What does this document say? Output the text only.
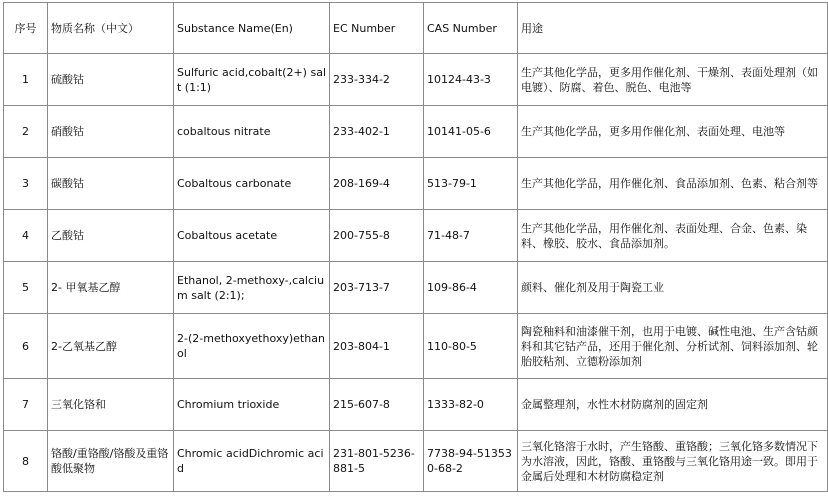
序号	物质名称（中文）	Substance Name(En)	EC Number	CAS Number	用途
1	硫酸钴	Sulfuric acid,cobalt(2+) salt (1:1)	233-334-2	10124-43-3	生产其他化学品，更多用作催化剂、干燥剂、表面处理剂（如电镀）、防腐、着色、脱色、电池等
2	硝酸钴	cobaltous nitrate	233-402-1	10141-05-6	生产其他化学品，更多用作催化剂、表面处理、电池等
3	碳酸钴	Cobaltous carbonate	208-169-4	513-79-1	生产其他化学品，用作催化剂、食品添加剂、色素、粘合剂等
4	乙酸钴	Cobaltous acetate	200-755-8	71-48-7	生产其他化学品，用作催化剂、表面处理、合金、色素、染料、橡胶、胶水、食品添加剂。
5	2- 甲氧基乙醇	Ethanol, 2-methoxy-,calcium salt (2:1);	203-713-7	109-86-4	颜料、催化剂及用于陶瓷工业
6	2-乙氧基乙醇	2-(2-methoxyethoxy)ethanol	203-804-1	110-80-5	陶瓷釉料和油漆催干剂，也用于电镀、碱性电池、生产含钴颜料和其它钴产品，还用于催化剂、分析试剂、饲料添加剂、轮胎胶粘剂、立德粉添加剂
7	三氧化铬和	Chromium trioxide	215-607-8	1333-82-0	金属整理剂，水性木材防腐剂的固定剂
8	铬酸/重铬酸/铬酸及重铬酸低聚物	Chromic acidDichromic acid	231-801-5236-881-5	7738-94-513530-68-2	三氧化铬溶于水时，产生铬酸、重铬酸；三氧化铬多数情况下为水溶液，因此，铬酸、重铬酸与三氧化铬用途一致。即用于金属后处理和木材防腐稳定剂
